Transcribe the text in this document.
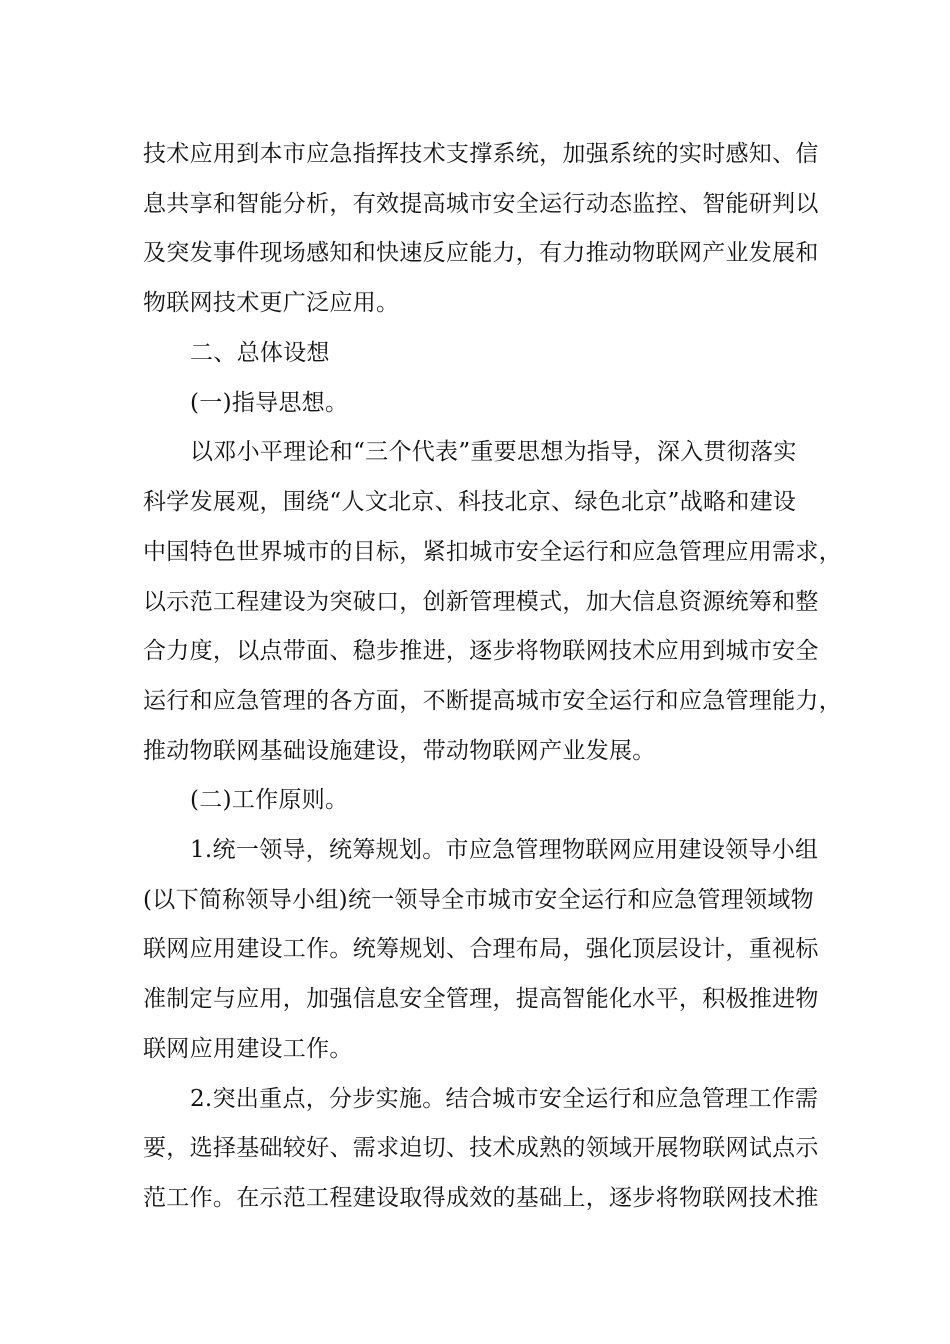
技术应用到本市应急指挥技术支撑系统，加强系统的实时感知、信
息共享和智能分析，有效提高城市安全运行动态监控、智能研判以
及突发事件现场感知和快速反应能力，有力推动物联网产业发展和
物联网技术更广泛应用。
二、总体设想
(一)指导思想。
以邓小平理论和“三个代表”重要思想为指导，深入贯彻落实
科学发展观，围绕“人文北京、科技北京、绿色北京”战略和建设
中国特色世界城市的目标，紧扣城市安全运行和应急管理应用需求，
以示范工程建设为突破口，创新管理模式，加大信息资源统筹和整
合力度，以点带面、稳步推进，逐步将物联网技术应用到城市安全
运行和应急管理的各方面，不断提高城市安全运行和应急管理能力，
推动物联网基础设施建设，带动物联网产业发展。
(二)工作原则。
1.统一领导，统筹规划。市应急管理物联网应用建设领导小组
(以下简称领导小组)统一领导全市城市安全运行和应急管理领域物
联网应用建设工作。统筹规划、合理布局，强化顶层设计，重视标
准制定与应用，加强信息安全管理，提高智能化水平，积极推进物
联网应用建设工作。
2.突出重点，分步实施。结合城市安全运行和应急管理工作需
要，选择基础较好、需求迫切、技术成熟的领域开展物联网试点示
范工作。在示范工程建设取得成效的基础上，逐步将物联网技术推
